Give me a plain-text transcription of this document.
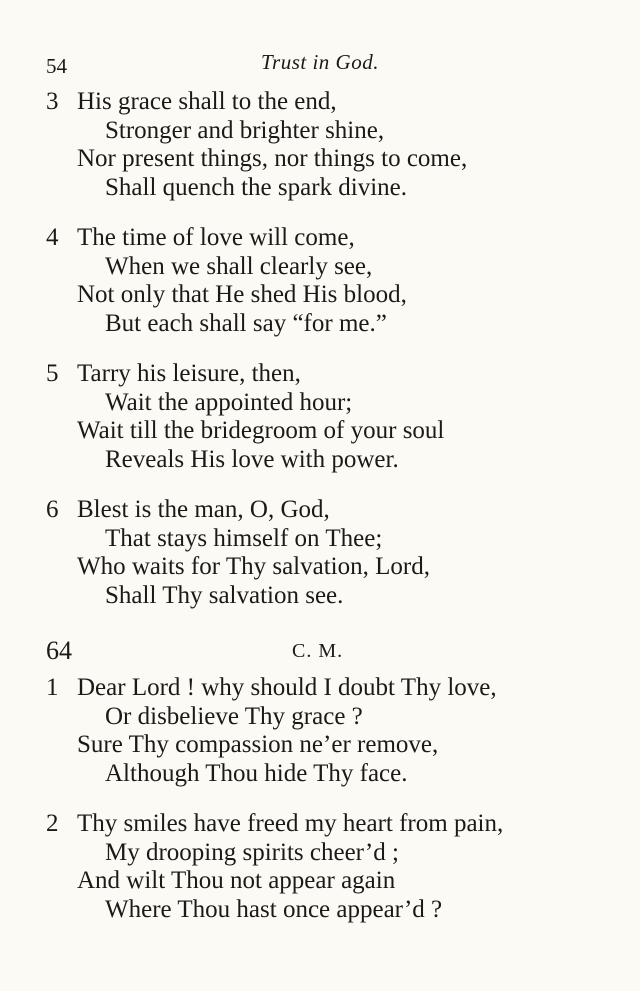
54	Trust in God.
3 His grace shall to the end,
Stronger and brighter shine,
Nor present things, nor things to come,
Shall quench the spark divine.
4 The time of love will come,
When we shall clearly see,
Not only that He shed His blood,
But each shall say “for me.”
5 Tarry his leisure, then,
Wait the appointed hour;
Wait till the bridegroom of your soul
Reveals His love with power.
6 Blest is the man, O, God,
That stays himself on Thee;
Who waits for Thy salvation, Lord,
Shall Thy salvation see.
64	C. M.
1 Dear Lord ! why should I doubt Thy love,
Or disbelieve Thy grace ?
Sure Thy compassion ne’er remove,
Although Thou hide Thy face.
2 Thy smiles have freed my heart from pain,
My drooping spirits cheer’d ;
And wilt Thou not appear again
Where Thou hast once appear’d ?
